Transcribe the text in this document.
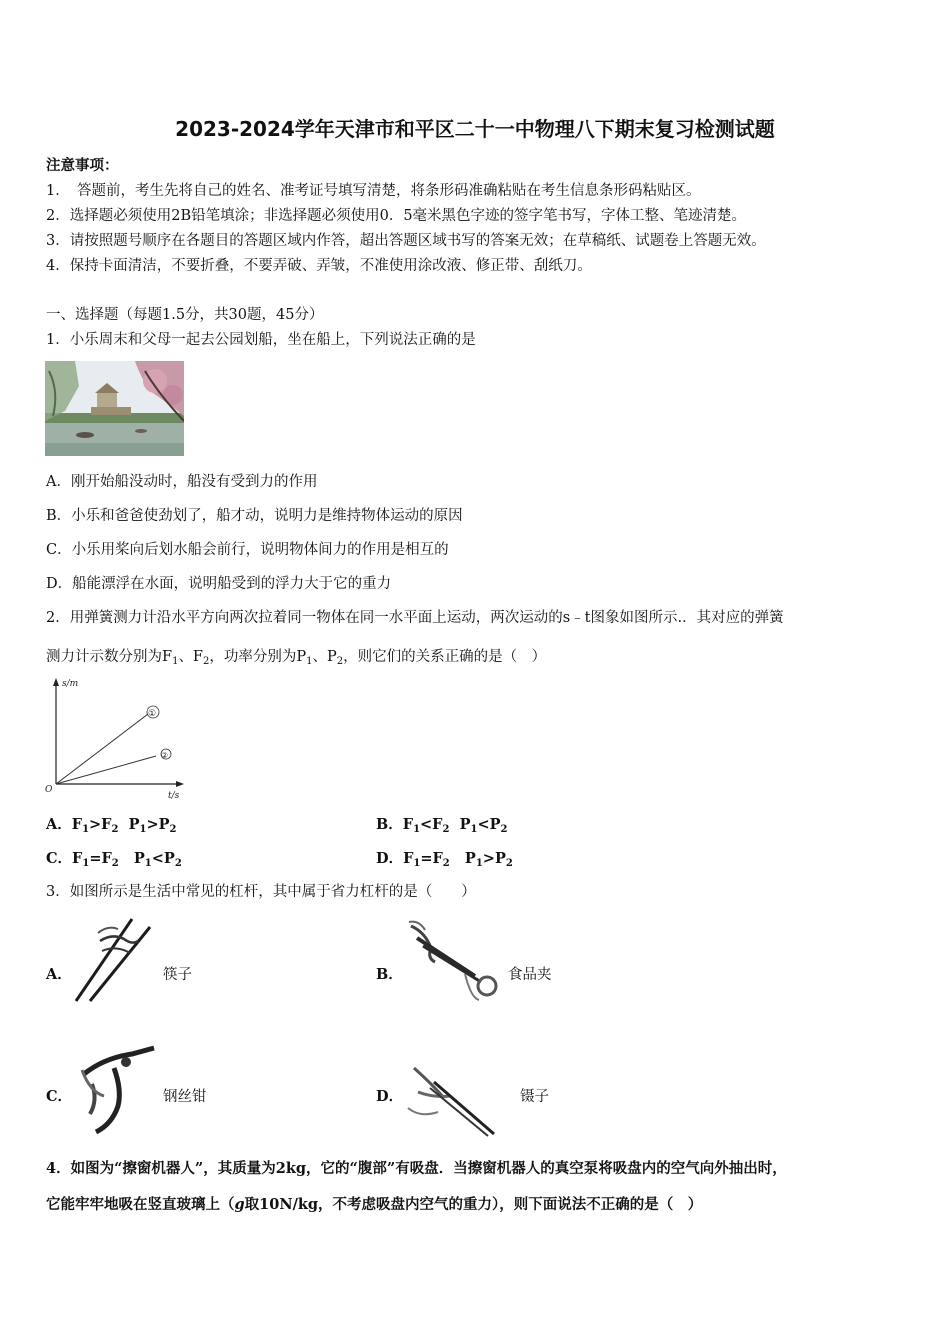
2023-2024学年天津市和平区二十一中物理八下期末复习检测试题
注意事项：
1．　答题前，考生先将自己的姓名、准考证号填写清楚，将条形码准确粘贴在考生信息条形码粘贴区。
2．选择题必须使用2B铅笔填涂；非选择题必须使用0．5毫米黑色字迹的签字笔书写，字体工整、笔迹清楚。
3．请按照题号顺序在各题目的答题区域内作答，超出答题区域书写的答案无效；在草稿纸、试题卷上答题无效。
4．保持卡面清洁，不要折叠，不要弄破、弄皱，不准使用涂改液、修正带、刮纸刀。
一、选择题（每题1.5分，共30题，45分）
1．小乐周末和父母一起去公园划船，坐在船上，下列说法正确的是
A．刚开始船没动时，船没有受到力的作用
B．小乐和爸爸使劲划了，船才动，说明力是维持物体运动的原因
C．小乐用桨向后划水船会前行，说明物体间力的作用是相互的
D．船能漂浮在水面，说明船受到的浮力大于它的重力
2．用弹簧测力计沿水平方向两次拉着同一物体在同一水平面上运动，两次运动的s﹣t图象如图所示.．其对应的弹簧
测力计示数分别为$F_1$、$F_2$，功率分别为$P_1$、$P_2$，则它们的关系正确的是（　）
s/m
t/s
O
①
②
A．$F_1>F_2$ $P_1>P_2$	B．$F_1<F_2$ $P_1<P_2$
C．$F_1=F_2$ $P_1<P_2$	D．$F_1=F_2$ $P_1>P_2$
3．如图所示是生活中常见的杠杆，其中属于省力杠杆的是（　　）
A．	筷子	B．	食品夹
C．	钢丝钳	D．	镊子
4．如图为“擦窗机器人”，其质量为2kg，它的“腹部”有吸盘．当擦窗机器人的真空泵将吸盘内的空气向外抽出时，
它能牢牢地吸在竖直玻璃上（g取10N/kg，不考虑吸盘内空气的重力），则下面说法不正确的是（　）
